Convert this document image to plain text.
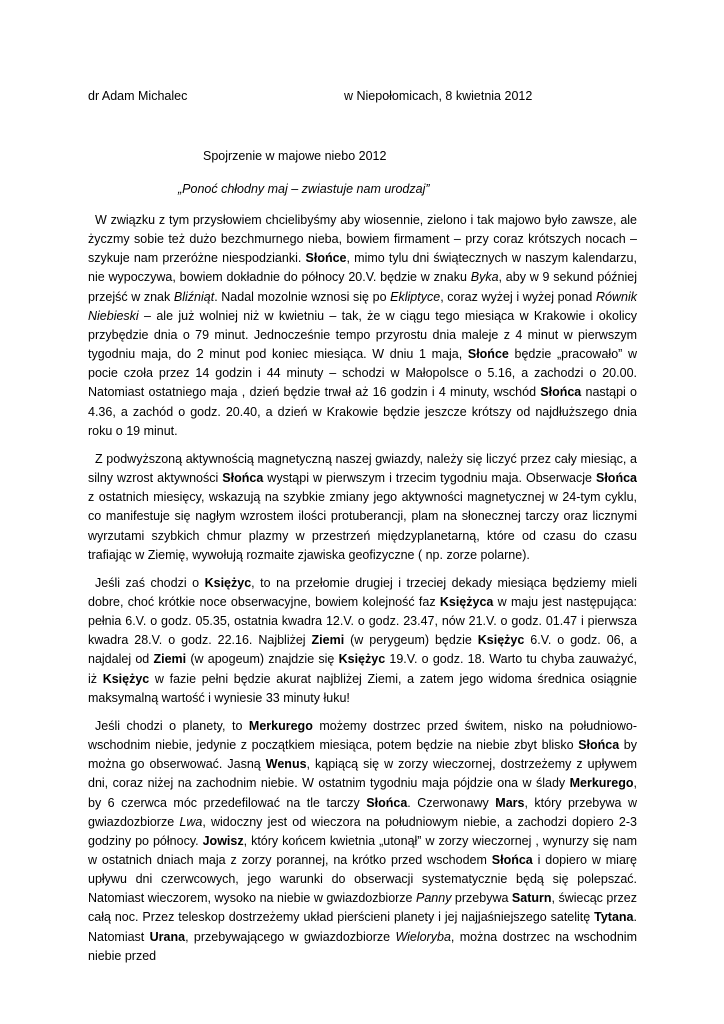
dr Adam Michalec	w Niepołomicach, 8 kwietnia 2012
Spojrzenie w majowe niebo 2012
„Ponoć chłodny maj – zwiastuje nam urodzaj”

W związku z tym przysłowiem chcielibyśmy aby wiosennie, zielono i tak majowo było zawsze, ale życzmy sobie też dużo bezchmurnego nieba, bowiem firmament – przy coraz krótszych nocach – szykuje nam przeróżne niespodzianki. Słońce, mimo tylu dni świątecznych w naszym kalendarzu, nie wypoczywa, bowiem dokładnie do północy 20.V. będzie w znaku Byka, aby w 9 sekund później przejść w znak Bliźniąt. Nadal mozolnie wznosi się po Ekliptyce, coraz wyżej i wyżej ponad Równik Niebieski – ale już wolniej niż w kwietniu – tak, że w ciągu tego miesiąca w Krakowie i okolicy przybędzie dnia o 79 minut. Jednocześnie tempo przyrostu dnia maleje z 4 minut w pierwszym tygodniu maja, do 2 minut pod koniec miesiąca. W dniu 1 maja, Słońce będzie „pracowało” w pocie czoła przez 14 godzin i 44 minuty – schodzi w Małopolsce o 5.16, a zachodzi o 20.00. Natomiast ostatniego maja , dzień będzie trwał aż 16 godzin i 4 minuty, wschód Słońca nastąpi o 4.36, a zachód o godz. 20.40, a dzień w Krakowie będzie jeszcze krótszy od najdłuższego dnia roku o 19 minut.

Z podwyższoną aktywnością magnetyczną naszej gwiazdy, należy się liczyć przez cały miesiąc, a silny wzrost aktywności Słońca wystąpi w pierwszym i trzecim tygodniu maja. Obserwacje Słońca z ostatnich miesięcy, wskazują na szybkie zmiany jego aktywności magnetycznej w 24-tym cyklu, co manifestuje się nagłym wzrostem ilości protuberancji, plam na słonecznej tarczy oraz licznymi wyrzutami szybkich chmur plazmy w przestrzeń międzyplanetarną, które od czasu do czasu trafiając w Ziemię, wywołują rozmaite zjawiska geofizyczne ( np. zorze polarne).

Jeśli zaś chodzi o Księżyc, to na przełomie drugiej i trzeciej dekady miesiąca będziemy mieli dobre, choć krótkie noce obserwacyjne, bowiem kolejność faz Księżyca w maju jest następująca: pełnia 6.V. o godz. 05.35, ostatnia kwadra 12.V. o godz. 23.47, nów 21.V. o godz. 01.47 i pierwsza kwadra 28.V. o godz. 22.16. Najbliżej Ziemi (w perygeum) będzie Księżyc 6.V. o godz. 06, a najdalej od Ziemi (w apogeum) znajdzie się Księżyc 19.V. o godz. 18. Warto tu chyba zauważyć, iż Księżyc w fazie pełni będzie akurat najbliżej Ziemi, a zatem jego widoma średnica osiągnie maksymalną wartość i wyniesie 33 minuty łuku!

Jeśli chodzi o planety, to Merkurego możemy dostrzec przed świtem, nisko na południowo-wschodnim niebie, jedynie z początkiem miesiąca, potem będzie na niebie zbyt blisko Słońca by można go obserwować. Jasną Wenus, kąpiącą się w zorzy wieczornej, dostrzeżemy z upływem dni, coraz niżej na zachodnim niebie. W ostatnim tygodniu maja pójdzie ona w ślady Merkurego, by 6 czerwca móc przedefilować na tle tarczy Słońca. Czerwonawy Mars, który przebywa w gwiazdozbiorze Lwa, widoczny jest od wieczora na południowym niebie, a zachodzi dopiero 2-3 godziny po północy. Jowisz, który końcem kwietnia „utonął” w zorzy wieczornej , wynurzy się nam w ostatnich dniach maja z zorzy porannej, na krótko przed wschodem Słońca i dopiero w miarę upływu dni czerwcowych, jego warunki do obserwacji systematycznie będą się polepszać. Natomiast wieczorem, wysoko na niebie w gwiazdozbiorze Panny przebywa Saturn, świecąc przez całą noc. Przez teleskop dostrzeżemy układ pierścieni planety i jej najjaśniejszego satelitę Tytana. Natomiast Urana, przebywającego w gwiazdozbiorze Wieloryba, można dostrzec na wschodnim niebie przed
